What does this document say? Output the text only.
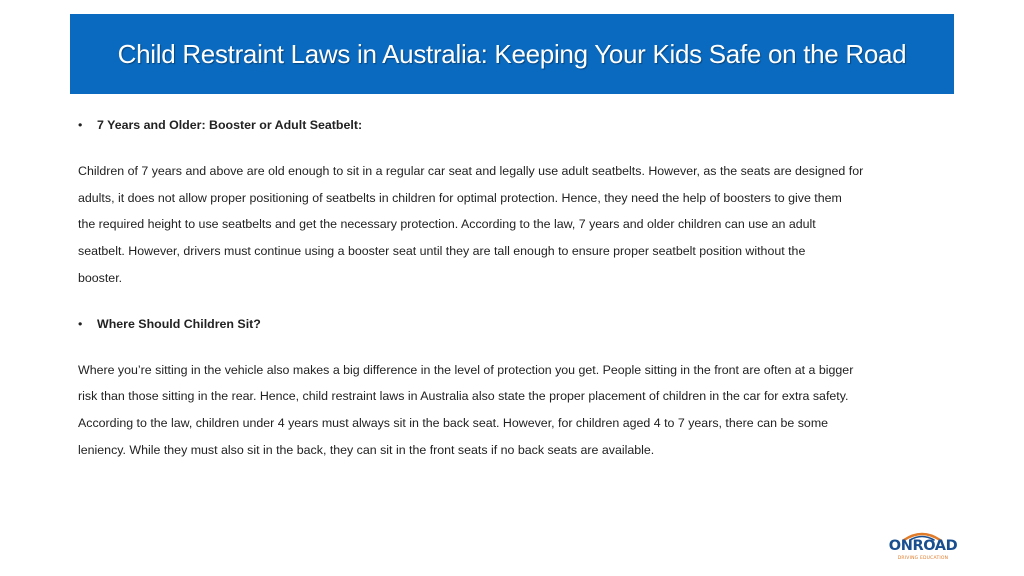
Child Restraint Laws in Australia: Keeping Your Kids Safe on the Road

•	7 Years and Older: Booster or Adult Seatbelt:

Children of 7 years and above are old enough to sit in a regular car seat and legally use adult seatbelts. However, as the seats are designed for

adults, it does not allow proper positioning of seatbelts in children for optimal protection. Hence, they need the help of boosters to give them

the required height to use seatbelts and get the necessary protection. According to the law, 7 years and older children can use an adult

seatbelt. However, drivers must continue using a booster seat until they are tall enough to ensure proper seatbelt position without the

booster.

•	Where Should Children Sit?

Where you’re sitting in the vehicle also makes a big difference in the level of protection you get. People sitting in the front are often at a bigger

risk than those sitting in the rear. Hence, child restraint laws in Australia also state the proper placement of children in the car for extra safety.

According to the law, children under 4 years must always sit in the back seat. However, for children aged 4 to 7 years, there can be some

leniency. While they must also sit in the back, they can sit in the front seats if no back seats are available.

ONROAD
DRIVING EDUCATION
